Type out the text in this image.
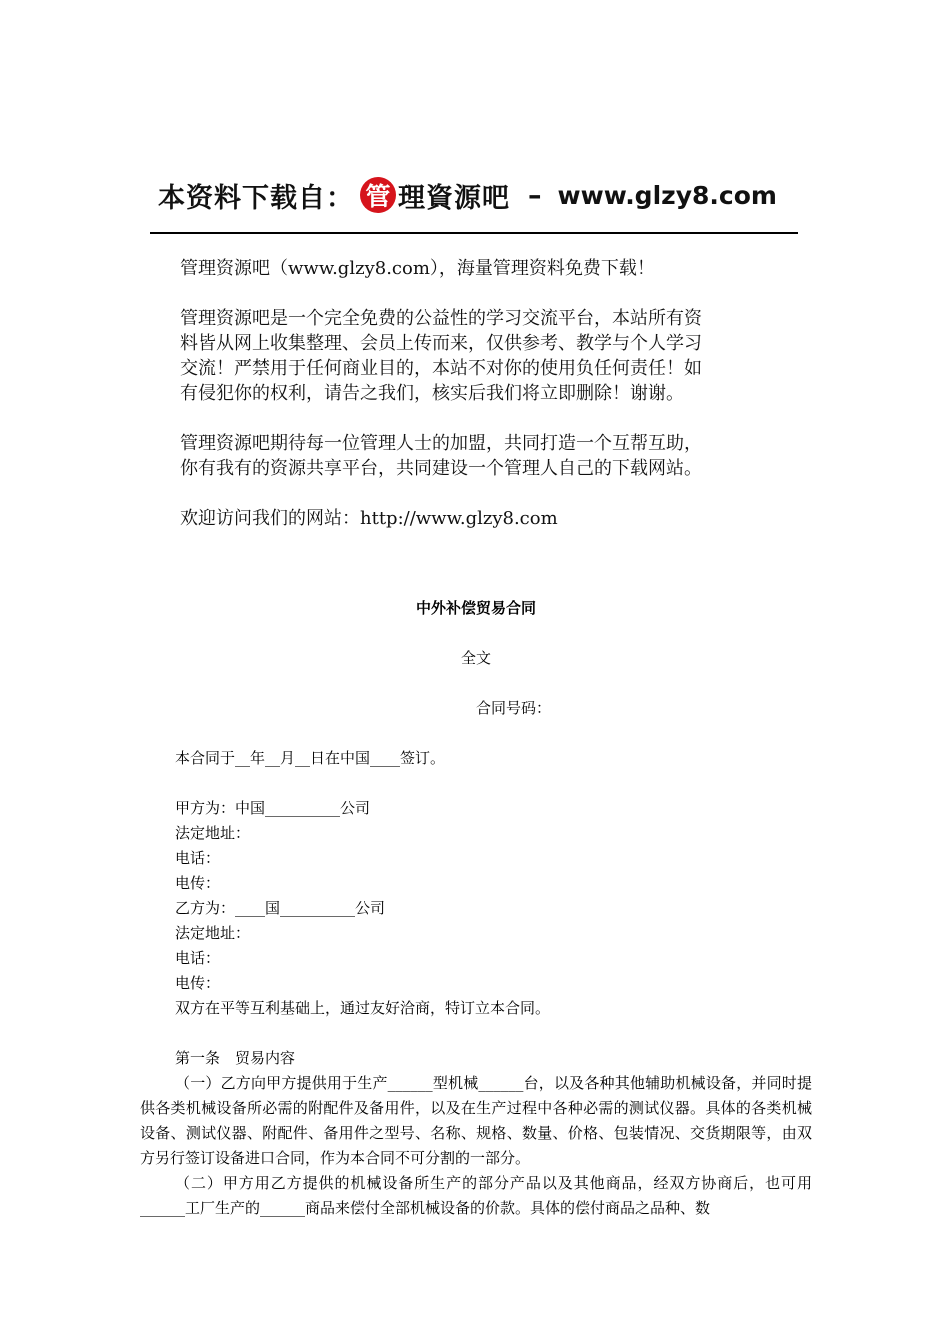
本资料下载自： 管 理資源吧 – www.glzy8.com

管理资源吧（www.glzy8.com），海量管理资料免费下载！

管理资源吧是一个完全免费的公益性的学习交流平台，本站所有资

料皆从网上收集整理、会员上传而来，仅供参考、教学与个人学习

交流！严禁用于任何商业目的，本站不对你的使用负任何责任！如

有侵犯你的权利，请告之我们，核实后我们将立即删除！谢谢。

管理资源吧期待每一位管理人士的加盟，共同打造一个互帮互助，

你有我有的资源共享平台，共同建设一个管理人自己的下载网站。

欢迎访问我们的网站：http://www.glzy8.com

中外补偿贸易合同

全文

合同号码：

本合同于__年__月__日在中国____签订。

甲方为：中国__________公司

法定地址：

电话：

电传：

乙方为：____国__________公司

法定地址：

电话：

电传：

双方在平等互利基础上，通过友好洽商，特订立本合同。

第一条　贸易内容

（一）乙方向甲方提供用于生产______型机械______台，以及各种其他辅助机械设备，并同时提供各类机械设备所必需的附配件及备用件，以及在生产过程中各种必需的测试仪器。具体的各类机械设备、测试仪器、附配件、备用件之型号、名称、规格、数量、价格、包装情况、交货期限等，由双方另行签订设备进口合同，作为本合同不可分割的一部分。

（二）甲方用乙方提供的机械设备所生产的部分产品以及其他商品，经双方协商后，也可用______工厂生产的______商品来偿付全部机械设备的价款。具体的偿付商品之品种、数
